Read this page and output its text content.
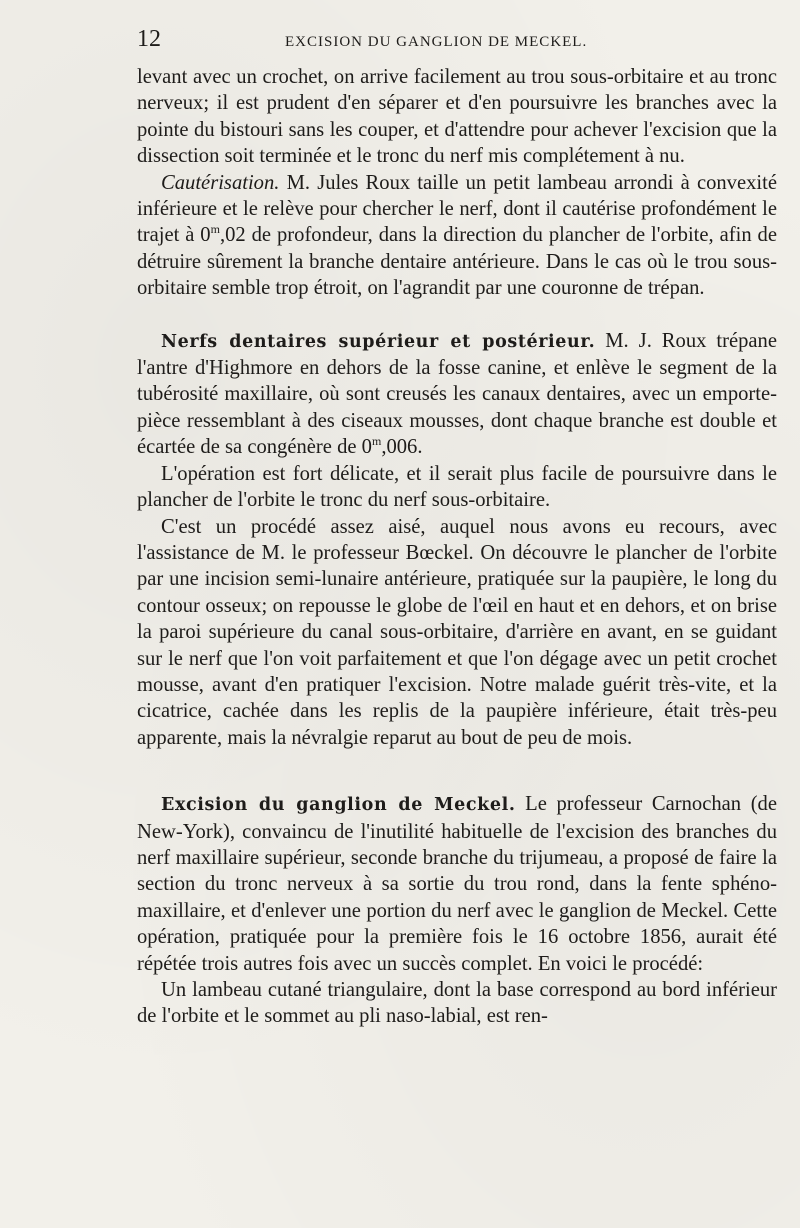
12	EXCISION DU GANGLION DE MECKEL.

levant avec un crochet, on arrive facilement au trou sous-orbitaire et au tronc nerveux; il est prudent d'en séparer et d'en poursuivre les branches avec la pointe du bistouri sans les couper, et d'attendre pour achever l'excision que la dissection soit terminée et le tronc du nerf mis complétement à nu.

Cautérisation. M. Jules Roux taille un petit lambeau arrondi à convexité inférieure et le relève pour chercher le nerf, dont il cautérise profondément le trajet à 0$^m$,02 de profondeur, dans la direction du plancher de l'orbite, afin de détruire sûrement la branche dentaire antérieure. Dans le cas où le trou sous-orbitaire semble trop étroit, on l'agrandit par une couronne de trépan.

Nerfs dentaires supérieur et postérieur. M. J. Roux trépane l'antre d'Highmore en dehors de la fosse canine, et enlève le segment de la tubérosité maxillaire, où sont creusés les canaux dentaires, avec un emporte-pièce ressemblant à des ciseaux mousses, dont chaque branche est double et écartée de sa congénère de 0$^m$,006.

L'opération est fort délicate, et il serait plus facile de poursuivre dans le plancher de l'orbite le tronc du nerf sous-orbitaire.

C'est un procédé assez aisé, auquel nous avons eu recours, avec l'assistance de M. le professeur Bœckel. On découvre le plancher de l'orbite par une incision semi-lunaire antérieure, pratiquée sur la paupière, le long du contour osseux; on repousse le globe de l'œil en haut et en dehors, et on brise la paroi supérieure du canal sous-orbitaire, d'arrière en avant, en se guidant sur le nerf que l'on voit parfaitement et que l'on dégage avec un petit crochet mousse, avant d'en pratiquer l'excision. Notre malade guérit très-vite, et la cicatrice, cachée dans les replis de la paupière inférieure, était très-peu apparente, mais la névralgie reparut au bout de peu de mois.

Excision du ganglion de Meckel. Le professeur Carnochan (de New-York), convaincu de l'inutilité habituelle de l'excision des branches du nerf maxillaire supérieur, seconde branche du trijumeau, a proposé de faire la section du tronc nerveux à sa sortie du trou rond, dans la fente sphéno-maxillaire, et d'enlever une portion du nerf avec le ganglion de Meckel. Cette opération, pratiquée pour la première fois le 16 octobre 1856, aurait été répétée trois autres fois avec un succès complet. En voici le procédé:

Un lambeau cutané triangulaire, dont la base correspond au bord inférieur de l'orbite et le sommet au pli naso-labial, est ren-
